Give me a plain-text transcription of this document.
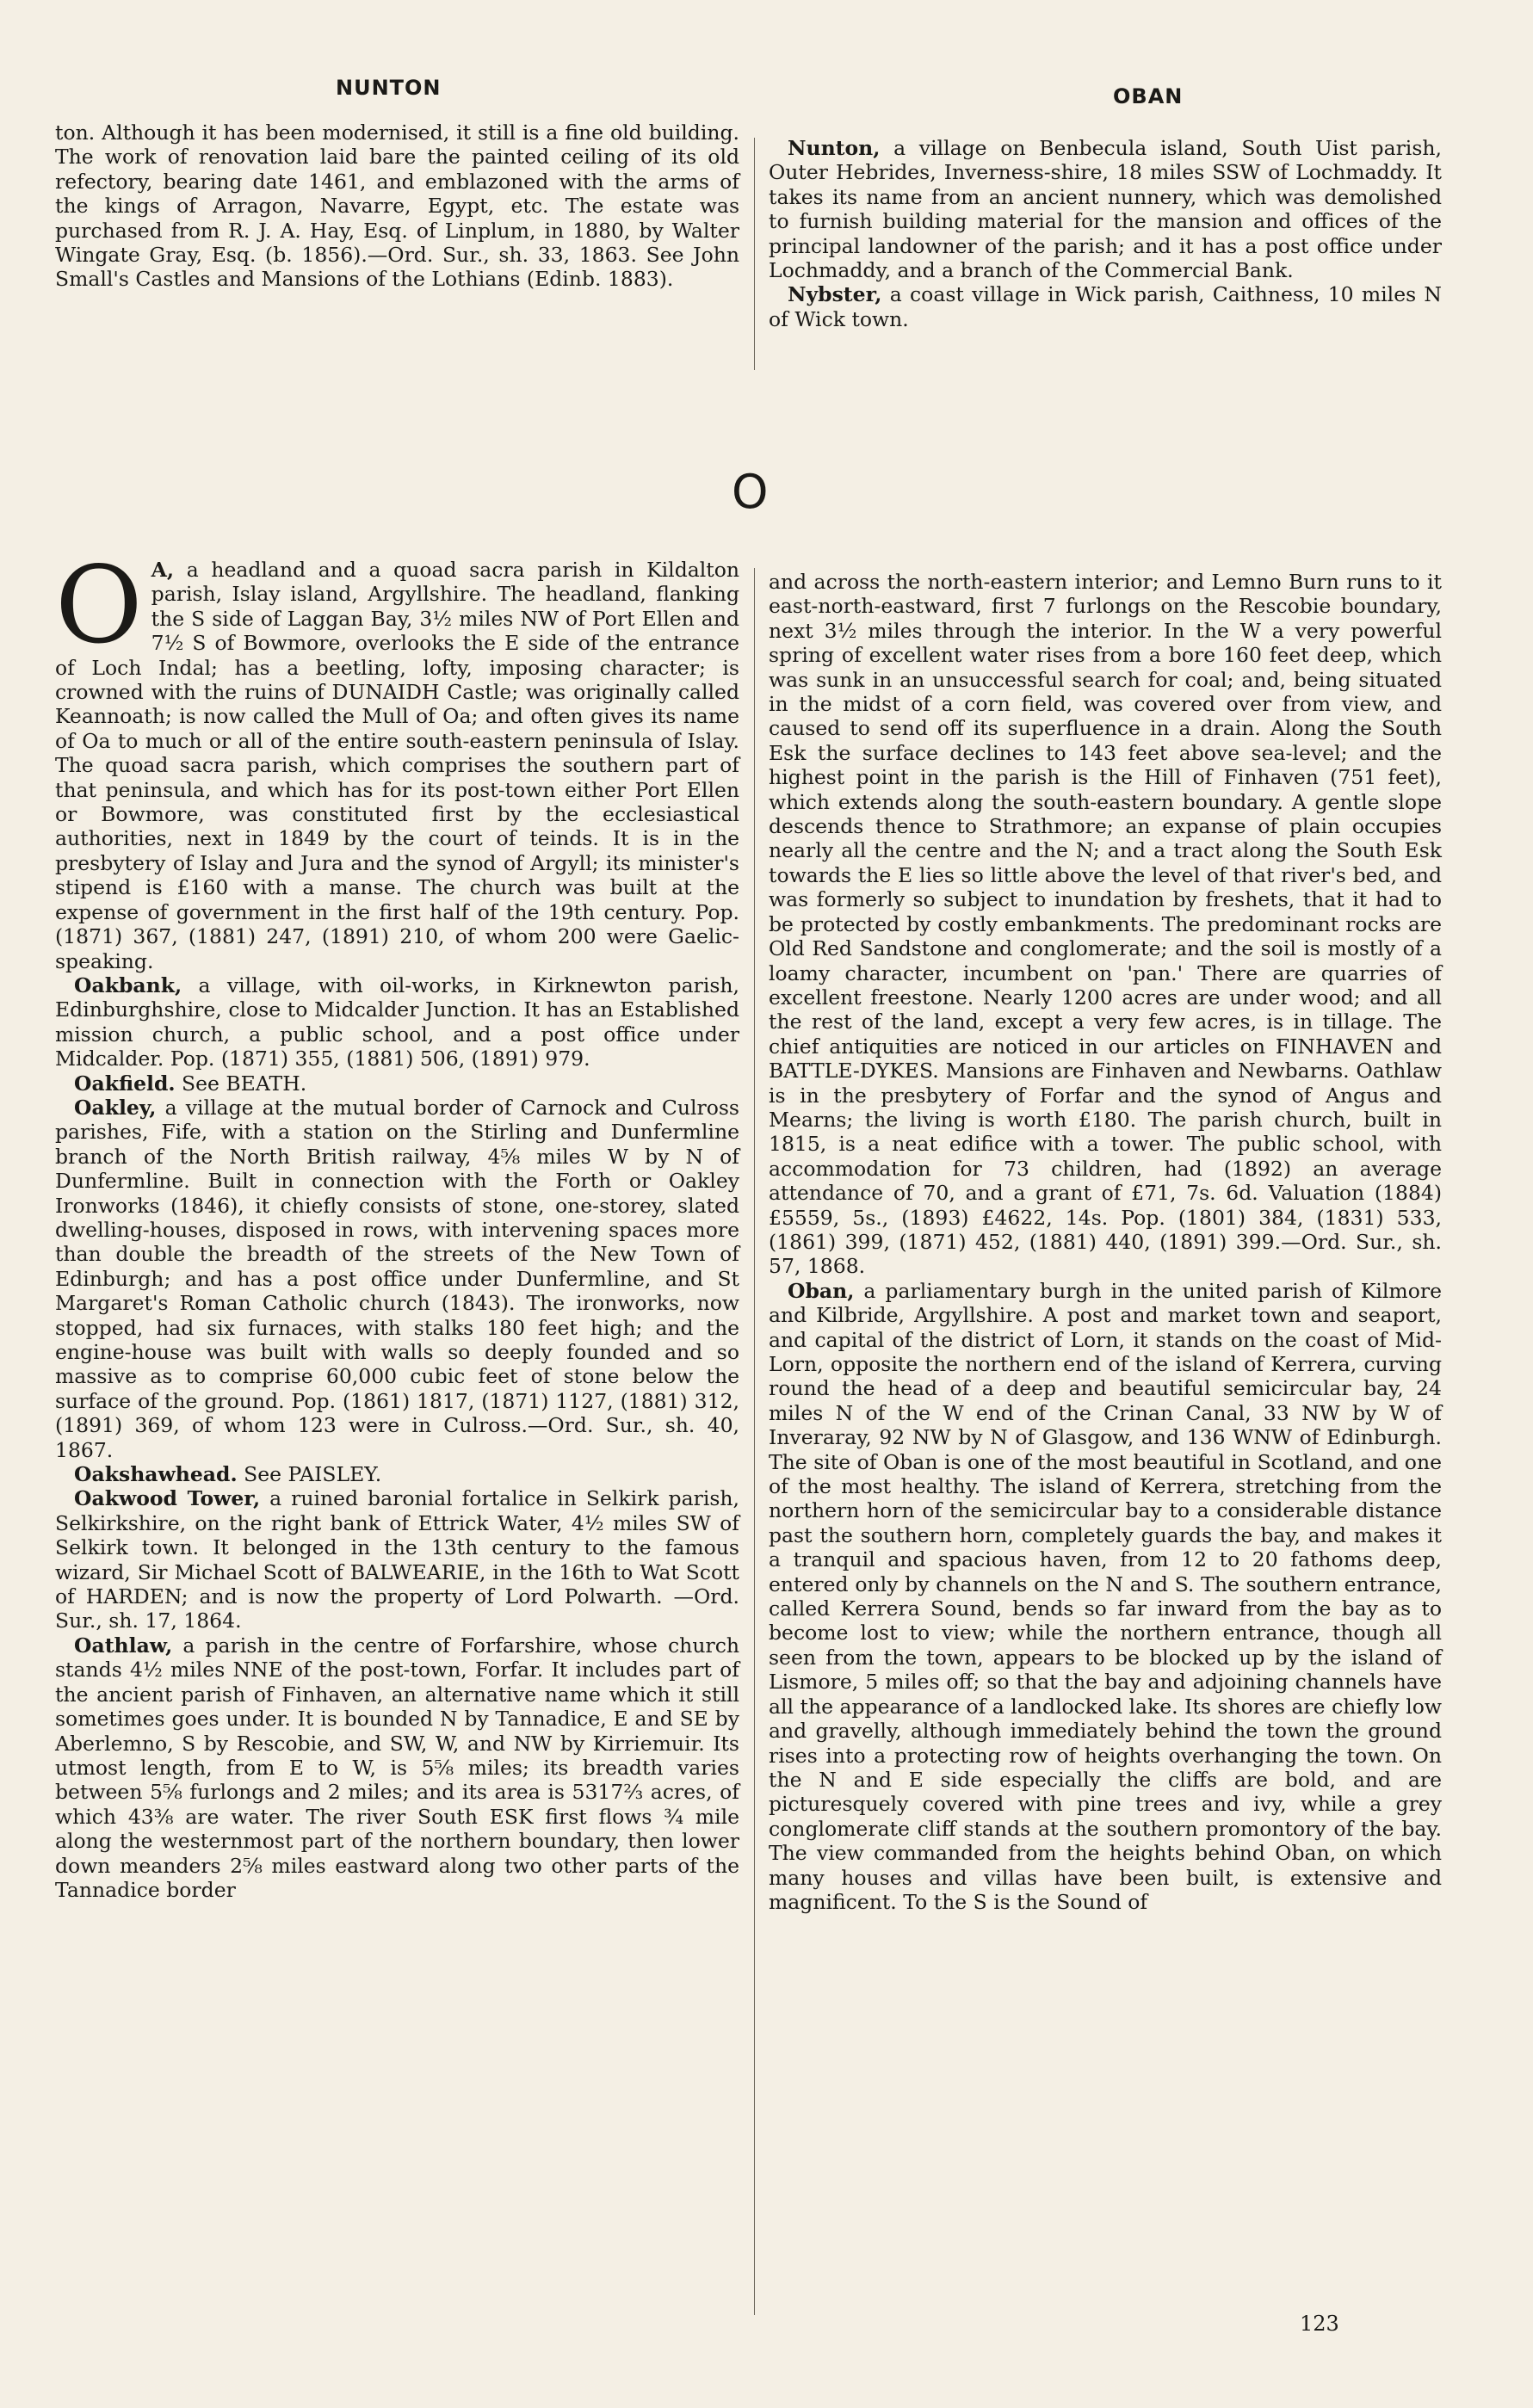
NUNTON	OBAN

ton. Although it has been modernised, it still is a fine old building. The work of renovation laid bare the painted ceiling of its old refectory, bearing date 1461, and emblazoned with the arms of the kings of Arragon, Navarre, Egypt, etc. The estate was purchased from R. J. A. Hay, Esq. of Linplum, in 1880, by Walter Wingate Gray, Esq. (b. 1856).—Ord. Sur., sh. 33, 1863. See John Small's Castles and Mansions of the Lothians (Edinb. 1883).

Nunton, a village on Benbecula island, South Uist parish, Outer Hebrides, Inverness-shire, 18 miles SSW of Lochmaddy. It takes its name from an ancient nunnery, which was demolished to furnish building material for the mansion and offices of the principal landowner of the parish; and it has a post office under Lochmaddy, and a branch of the Commercial Bank.

Nybster, a coast village in Wick parish, Caithness, 10 miles N of Wick town.

O

O A, a headland and a quoad sacra parish in Kildalton parish, Islay island, Argyllshire. The headland, flanking the S side of Laggan Bay, 3½ miles NW of Port Ellen and 7½ S of Bowmore, overlooks the E side of the entrance of Loch Indal; has a beetling, lofty, imposing character; is crowned with the ruins of DUNAIDH Castle; was originally called Keannoath; is now called the Mull of Oa; and often gives its name of Oa to much or all of the entire south-eastern peninsula of Islay. The quoad sacra parish, which comprises the southern part of that peninsula, and which has for its post-town either Port Ellen or Bowmore, was constituted first by the ecclesiastical authorities, next in 1849 by the court of teinds. It is in the presbytery of Islay and Jura and the synod of Argyll; its minister's stipend is £160 with a manse. The church was built at the expense of government in the first half of the 19th century. Pop. (1871) 367, (1881) 247, (1891) 210, of whom 200 were Gaelic-speaking.

Oakbank, a village, with oil-works, in Kirknewton parish, Edinburghshire, close to Midcalder Junction. It has an Established mission church, a public school, and a post office under Midcalder. Pop. (1871) 355, (1881) 506, (1891) 979.

Oakfield. See BEATH.

Oakley, a village at the mutual border of Carnock and Culross parishes, Fife, with a station on the Stirling and Dunfermline branch of the North British railway, 4⅝ miles W by N of Dunfermline. Built in connection with the Forth or Oakley Ironworks (1846), it chiefly consists of stone, one-storey, slated dwelling-houses, disposed in rows, with intervening spaces more than double the breadth of the streets of the New Town of Edinburgh; and has a post office under Dunfermline, and St Margaret's Roman Catholic church (1843). The ironworks, now stopped, had six furnaces, with stalks 180 feet high; and the engine-house was built with walls so deeply founded and so massive as to comprise 60,000 cubic feet of stone below the surface of the ground. Pop. (1861) 1817, (1871) 1127, (1881) 312, (1891) 369, of whom 123 were in Culross.—Ord. Sur., sh. 40, 1867.

Oakshawhead. See PAISLEY.

Oakwood Tower, a ruined baronial fortalice in Selkirk parish, Selkirkshire, on the right bank of Ettrick Water, 4½ miles SW of Selkirk town. It belonged in the 13th century to the famous wizard, Sir Michael Scott of BALWEARIE, in the 16th to Wat Scott of HARDEN; and is now the property of Lord Polwarth. —Ord. Sur., sh. 17, 1864.

Oathlaw, a parish in the centre of Forfarshire, whose church stands 4½ miles NNE of the post-town, Forfar. It includes part of the ancient parish of Finhaven, an alternative name which it still sometimes goes under. It is bounded N by Tannadice, E and SE by Aberlemno, S by Rescobie, and SW, W, and NW by Kirriemuir. Its utmost length, from E to W, is 5⅝ miles; its breadth varies between 5⅝ furlongs and 2 miles; and its area is 5317⅔ acres, of which 43⅜ are water. The river South ESK first flows ¾ mile along the westernmost part of the northern boundary, then lower down meanders 2⅝ miles eastward along two other parts of the Tannadice border

and across the north-eastern interior; and Lemno Burn runs to it east-north-eastward, first 7 furlongs on the Rescobie boundary, next 3½ miles through the interior. In the W a very powerful spring of excellent water rises from a bore 160 feet deep, which was sunk in an unsuccessful search for coal; and, being situated in the midst of a corn field, was covered over from view, and caused to send off its superfluence in a drain. Along the South Esk the surface declines to 143 feet above sea-level; and the highest point in the parish is the Hill of Finhaven (751 feet), which extends along the south-eastern boundary. A gentle slope descends thence to Strathmore; an expanse of plain occupies nearly all the centre and the N; and a tract along the South Esk towards the E lies so little above the level of that river's bed, and was formerly so subject to inundation by freshets, that it had to be protected by costly embankments. The predominant rocks are Old Red Sandstone and conglomerate; and the soil is mostly of a loamy character, incumbent on 'pan.' There are quarries of excellent freestone. Nearly 1200 acres are under wood; and all the rest of the land, except a very few acres, is in tillage. The chief antiquities are noticed in our articles on FINHAVEN and BATTLE-DYKES. Mansions are Finhaven and Newbarns. Oathlaw is in the presbytery of Forfar and the synod of Angus and Mearns; the living is worth £180. The parish church, built in 1815, is a neat edifice with a tower. The public school, with accommodation for 73 children, had (1892) an average attendance of 70, and a grant of £71, 7s. 6d. Valuation (1884) £5559, 5s., (1893) £4622, 14s. Pop. (1801) 384, (1831) 533, (1861) 399, (1871) 452, (1881) 440, (1891) 399.—Ord. Sur., sh. 57, 1868.

Oban, a parliamentary burgh in the united parish of Kilmore and Kilbride, Argyllshire. A post and market town and seaport, and capital of the district of Lorn, it stands on the coast of Mid-Lorn, opposite the northern end of the island of Kerrera, curving round the head of a deep and beautiful semicircular bay, 24 miles N of the W end of the Crinan Canal, 33 NW by W of Inveraray, 92 NW by N of Glasgow, and 136 WNW of Edinburgh. The site of Oban is one of the most beautiful in Scotland, and one of the most healthy. The island of Kerrera, stretching from the northern horn of the semicircular bay to a considerable distance past the southern horn, completely guards the bay, and makes it a tranquil and spacious haven, from 12 to 20 fathoms deep, entered only by channels on the N and S. The southern entrance, called Kerrera Sound, bends so far inward from the bay as to become lost to view; while the northern entrance, though all seen from the town, appears to be blocked up by the island of Lismore, 5 miles off; so that the bay and adjoining channels have all the appearance of a landlocked lake. Its shores are chiefly low and gravelly, although immediately behind the town the ground rises into a protecting row of heights overhanging the town. On the N and E side especially the cliffs are bold, and are picturesquely covered with pine trees and ivy, while a grey conglomerate cliff stands at the southern promontory of the bay. The view commanded from the heights behind Oban, on which many houses and villas have been built, is extensive and magnificent. To the S is the Sound of

123
